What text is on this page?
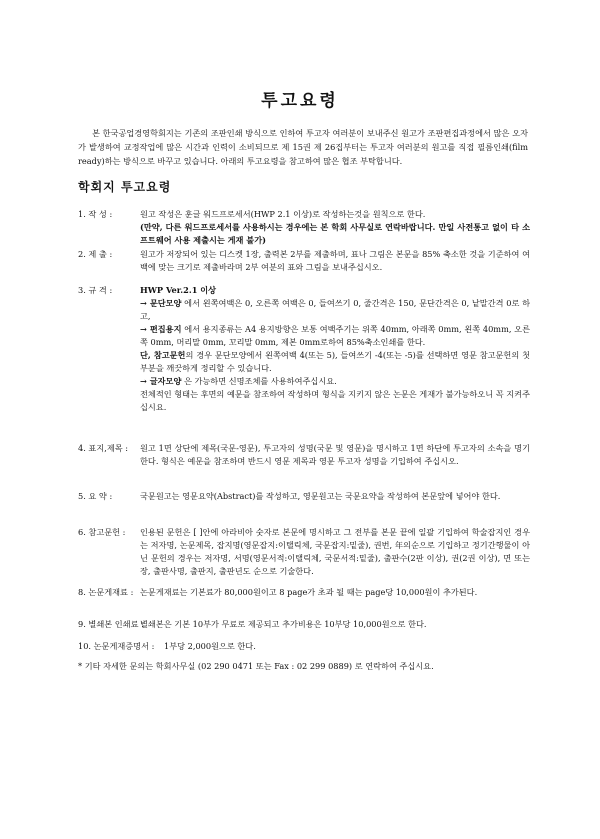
투고요령
본 한국공업경영학회지는 기존의 조판인쇄 방식으로 인하여 투고자 여러분이 보내주신 원고가 조판편집과정에서 많은 오자가 발생하여 교정작업에 많은 시간과 인력이 소비되므로 제 15권 제 26집부터는 투고자 여러분의 원고를 직접 필름인쇄(film ready)하는 방식으로 바꾸고 있습니다. 아래의 투고요령을 참고하여 많은 협조 부탁합니다.
학회지 투고요령
1. 작 성 :	원고 작성은 훈글 워드프로세서(HWP 2.1 이상)로 작성하는것을 원칙으로 한다.
(만약, 다른 워드프로세서를 사용하시는 경우에는 본 학회 사무실로 연락바랍니다. 만일 사전통고 없이 타 소프트웨어 사용 제출시는 게재 불가)
2. 제 출 :	원고가 저장되어 있는 디스켓 1장, 출력본 2부를 제출하며, 표나 그림은 본문을 85% 축소한 것을 기준하여 여백에 맞는 크기로 제출바라며 2부 여분의 표와 그림을 보내주십시오.
3. 규 격 :	HWP Ver.2.1 이상
→ 문단모양 에서 왼쪽여백은 0, 오른쪽 여백은 0, 들여쓰기 0, 줄간격은 150, 문단간격은 0, 낱말간격 0로 하고,
→ 편집용지 에서 용지종류는 A4 용지방향은 보통 여백주기는 위쪽 40mm, 아래쪽 0mm, 왼쪽 40mm, 오른쪽 0mm, 머리말 0mm, 꼬리말 0mm, 제본 0mm로하여 85%축소인쇄를 한다.
단, 참고문헌의 경우 문단모양에서 왼쪽여백 4(또는 5), 들여쓰기 -4(또는 -5)를 선택하면 영문 참고문헌의 첫부분을 깨끗하게 정리할 수 있습니다.
→ 글자모양 은 가능하면 신명조체를 사용하여주십시요.
전체적인 형태는 후면의 예문을 참조하여 작성하며 형식을 지키지 않은 논문은 게재가 불가능하오니 꼭 지켜주십시요.
4. 표지,제목 :	원고 1면 상단에 제목(국문-영문), 투고자의 성명(국문 및 영문)을 명시하고 1면 하단에 투고자의 소속을 명기한다. 형식은 예문을 참조하며 반드시 영문 제목과 영문 투고자 성명을 기입하여 주십시오.
5. 요 약 :	국문원고는 영문요약(Abstract)를 작성하고, 영문원고는 국문요약을 작성하여 본문앞에 넣어야 한다.
6. 참고문헌 :	인용된 문헌은 [ ]안에 아라비아 숫자로 본문에 명시하고 그 전부를 본문 끝에 일괄 기입하여 학술잡지인 경우는 저자명, 논문제목, 잡지명(영문잡지:이탤릭체, 국문잡지:밑줄), 권번, 年의순으로 기입하고 정기간행물이 아닌 문헌의 경우는 저자명, 서명(영문서적:이탤릭체, 국문서적:밑줄), 출판수(2판 이상), 권(2권 이상), 면 또는 장, 출판사명, 출판지, 출판년도 순으로 기술한다.
8. 논문게재료 : 논문게재료는 기본료가 80,000원이고 8 page가 초과 될 때는 page당 10,000원이 추가된다.
9. 별쇄본 인쇄료 :
별쇄본은 기본 10부가 무료로 제공되고 추가비용은 10부당 10,000원으로 한다.
10. 논문게재증명서 :	1부당 2,000원으로 한다.
* 기타 자세한 문의는 학회사무실 (02 290 0471 또는 Fax : 02 299 0889) 로 연락하여 주십시요.
